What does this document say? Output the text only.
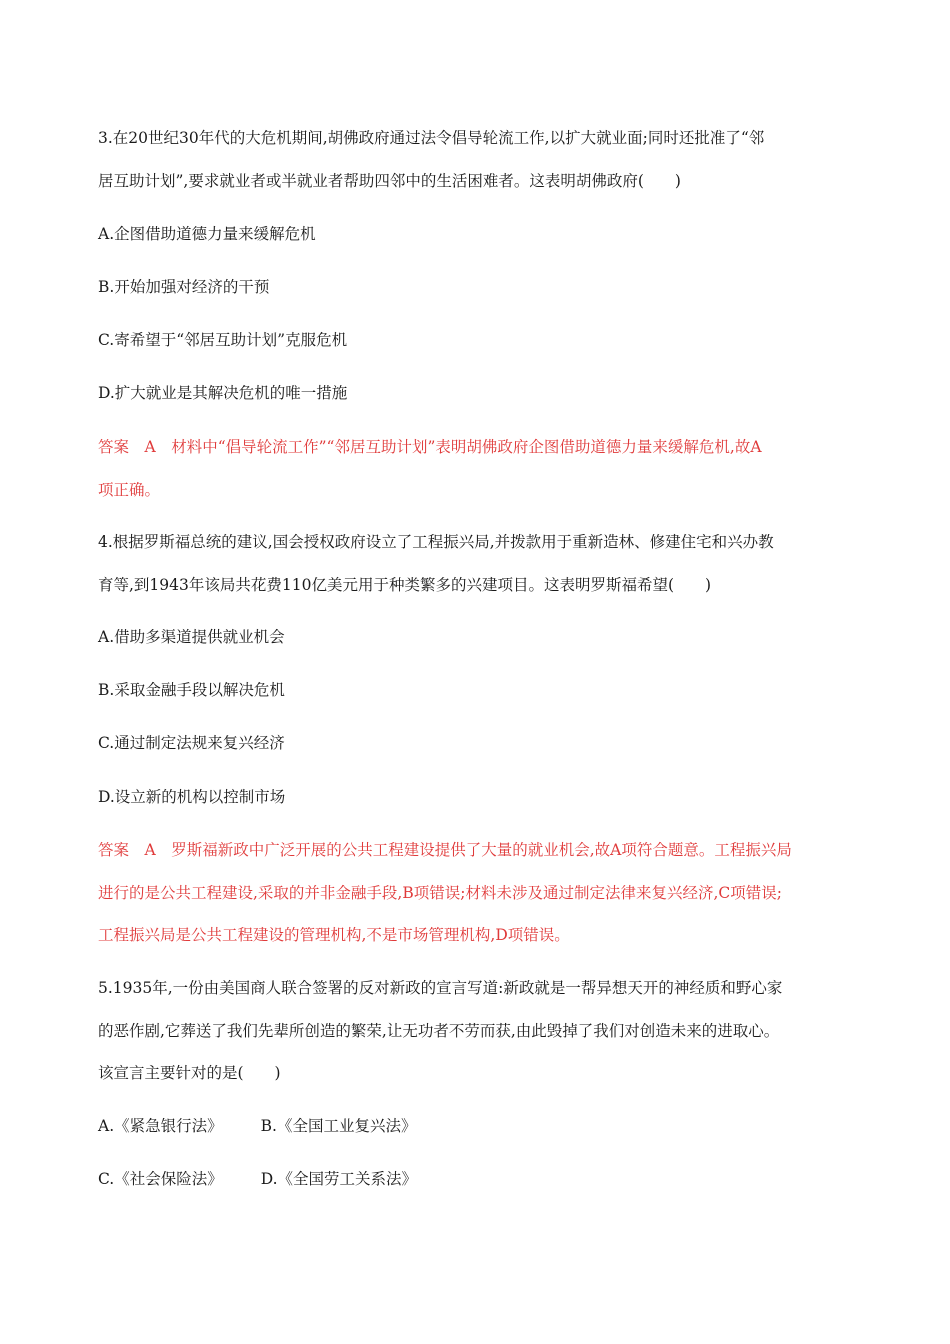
3.在20世纪30年代的大危机期间,胡佛政府通过法令倡导轮流工作,以扩大就业面;同时还批准了“邻
居互助计划”,要求就业者或半就业者帮助四邻中的生活困难者。这表明胡佛政府(　　)
A.企图借助道德力量来缓解危机
B.开始加强对经济的干预
C.寄希望于“邻居互助计划”克服危机
D.扩大就业是其解决危机的唯一措施
答案　A　材料中“倡导轮流工作”“邻居互助计划”表明胡佛政府企图借助道德力量来缓解危机,故A
项正确。
4.根据罗斯福总统的建议,国会授权政府设立了工程振兴局,并拨款用于重新造林、修建住宅和兴办教
育等,到1943年该局共花费110亿美元用于种类繁多的兴建项目。这表明罗斯福希望(　　)
A.借助多渠道提供就业机会
B.采取金融手段以解决危机
C.通过制定法规来复兴经济
D.设立新的机构以控制市场
答案　A　罗斯福新政中广泛开展的公共工程建设提供了大量的就业机会,故A项符合题意。工程振兴局
进行的是公共工程建设,采取的并非金融手段,B项错误;材料未涉及通过制定法律来复兴经济,C项错误;
工程振兴局是公共工程建设的管理机构,不是市场管理机构,D项错误。
5.1935年,一份由美国商人联合签署的反对新政的宣言写道:新政就是一帮异想天开的神经质和野心家
的恶作剧,它葬送了我们先辈所创造的繁荣,让无功者不劳而获,由此毁掉了我们对创造未来的进取心。
该宣言主要针对的是(　　)
A.《紧急银行法》 B.《全国工业复兴法》
C.《社会保险法》 D.《全国劳工关系法》
